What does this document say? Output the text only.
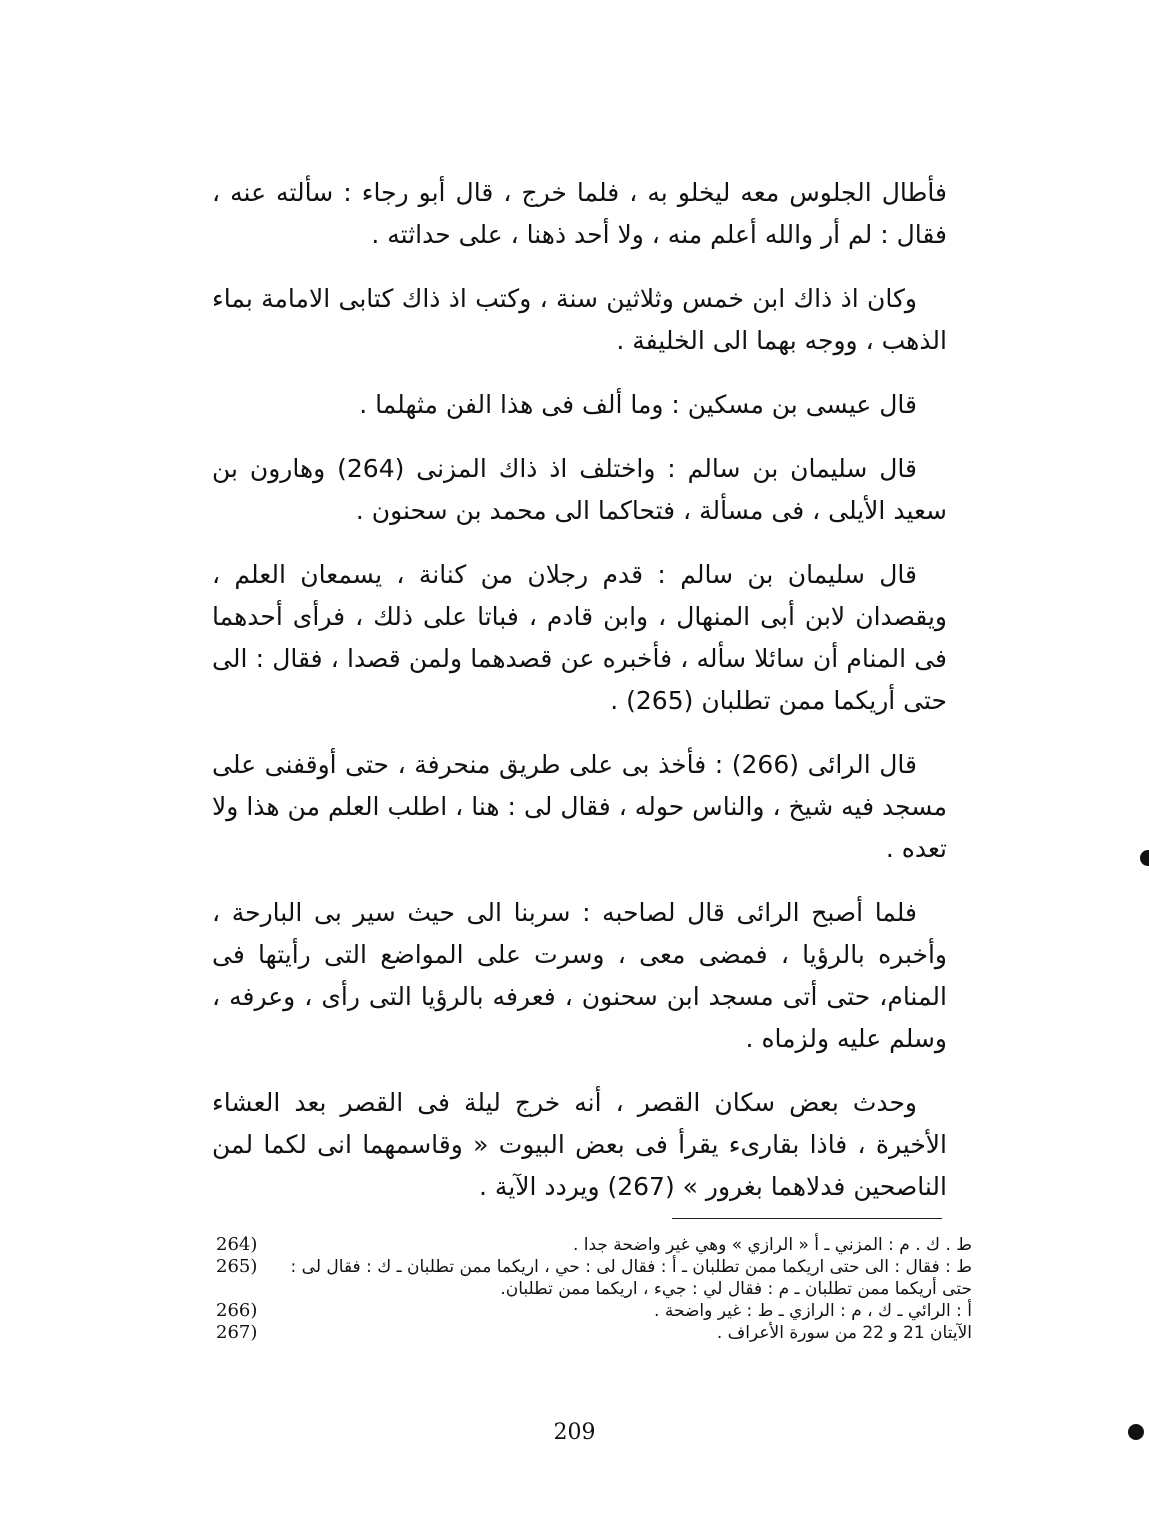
فأطال الجلوس معه ليخلو به ، فلما خرج ، قال أبو رجاء : سألته عنه ، فقال : لم أر والله أعلم منه ، ولا أحد ذهنا ، على حداثته .

وكان اذ ذاك ابن خمس وثلاثين سنة ، وكتب اذ ذاك كتابى الامامة بماء الذهب ، ووجه بهما الى الخليفة .

قال عيسى بن مسكين : وما ألف فى هذا الفن مثهلما .

قال سليمان بن سالم : واختلف اذ ذاك المزنى (264) وهارون بن سعيد الأيلى ، فى مسألة ، فتحاكما الى محمد بن سحنون .

قال سليمان بن سالم : قدم رجلان من كنانة ، يسمعان العلم ، ويقصدان لابن أبى المنهال ، وابن قادم ، فباتا على ذلك ، فرأى أحدهما فى المنام أن سائلا سأله ، فأخبره عن قصدهما ولمن قصدا ، فقال : الى حتى أريكما ممن تطلبان (265) .

قال الرائى (266) : فأخذ بى على طريق منحرفة ، حتى أوقفنى على مسجد فيه شيخ ، والناس حوله ، فقال لى : هنا ، اطلب العلم من هذا ولا تعده .

فلما أصبح الرائى قال لصاحبه : سربنا الى حيث سير بى البارحة ، وأخبره بالرؤيا ، فمضى معى ، وسرت على المواضع التى رأيتها فى المنام، حتى أتى مسجد ابن سحنون ، فعرفه بالرؤيا التى رأى ، وعرفه ، وسلم عليه ولزماه .

وحدث بعض سكان القصر ، أنه خرج ليلة فى القصر بعد العشاء الأخيرة ، فاذا بقارىء يقرأ فى بعض البيوت « وقاسمهما انى لكما لمن الناصحين فدلاهما بغرور » (267) ويردد الآية .

ط . ك . م : المزني ـ أ « الرازي » وهي غير واضحة جدا .
264)
ط : فقال : الى حتى اريكما ممن تطلبان ـ أ : فقال لى : حي ، اريكما ممن تطلبان ـ ك : فقال لى : حتى أريكما ممن تطلبان ـ م : فقال لي : جيء ، اريكما ممن تطلبان.
265)
أ : الرائي ـ ك ، م : الرازي ـ ط : غير واضحة .
266)
الآيتان 21 و 22 من سورة الأعراف .
267)
209
